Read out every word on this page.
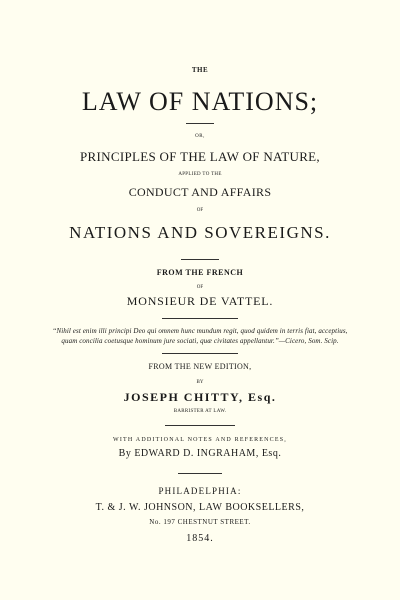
THE
LAW OF NATIONS;
OR,
PRINCIPLES OF THE LAW OF NATURE,
APPLIED TO THE
CONDUCT AND AFFAIRS
OF
NATIONS AND SOVEREIGNS.
FROM THE FRENCH
OF
MONSIEUR DE VATTEL.
“Nihil est enim illi principi Deo qui omnem hunc mundum regit, quod quidem in terris fiat, acceptius,
quam concilia coetusque hominum jure sociati, quæ civitates appellantur.”—Cicero, Som. Scip.
FROM THE NEW EDITION,
BY
JOSEPH CHITTY, Esq.
BARRISTER AT LAW.
WITH ADDITIONAL NOTES AND REFERENCES,
By EDWARD D. INGRAHAM, Esq.
PHILADELPHIA:
T. & J. W. JOHNSON, LAW BOOKSELLERS,
No. 197 CHESTNUT STREET.
1854.
